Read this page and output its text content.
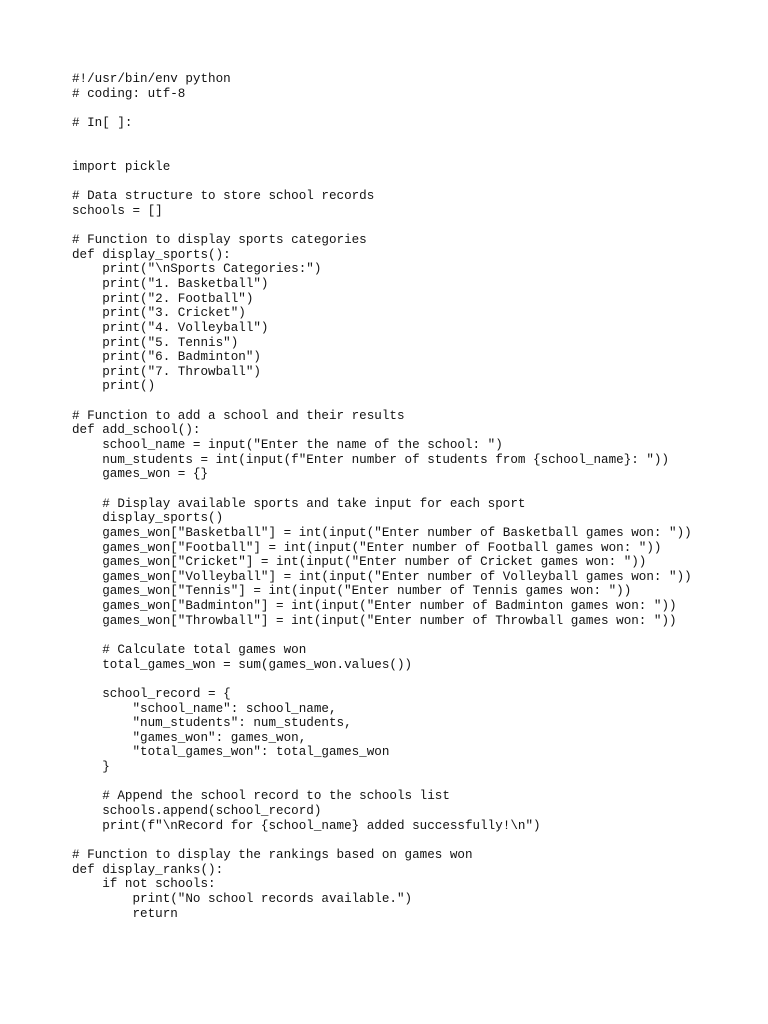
#!/usr/bin/env python
# coding: utf-8
# In[ ]:
import pickle
# Data structure to store school records
schools = []
# Function to display sports categories
def display_sports():
print("\nSports Categories:")
print("1. Basketball")
print("2. Football")
print("3. Cricket")
print("4. Volleyball")
print("5. Tennis")
print("6. Badminton")
print("7. Throwball")
print()
# Function to add a school and their results
def add_school():
school_name = input("Enter the name of the school: ")
num_students = int(input(f"Enter number of students from {school_name}: "))
games_won = {}
# Display available sports and take input for each sport
display_sports()
games_won["Basketball"] = int(input("Enter number of Basketball games won: "))
games_won["Football"] = int(input("Enter number of Football games won: "))
games_won["Cricket"] = int(input("Enter number of Cricket games won: "))
games_won["Volleyball"] = int(input("Enter number of Volleyball games won: "))
games_won["Tennis"] = int(input("Enter number of Tennis games won: "))
games_won["Badminton"] = int(input("Enter number of Badminton games won: "))
games_won["Throwball"] = int(input("Enter number of Throwball games won: "))
# Calculate total games won
total_games_won = sum(games_won.values())
school_record = {
"school_name": school_name,
"num_students": num_students,
"games_won": games_won,
"total_games_won": total_games_won
}
# Append the school record to the schools list
schools.append(school_record)
print(f"\nRecord for {school_name} added successfully!\n")
# Function to display the rankings based on games won
def display_ranks():
if not schools:
print("No school records available.")
return
